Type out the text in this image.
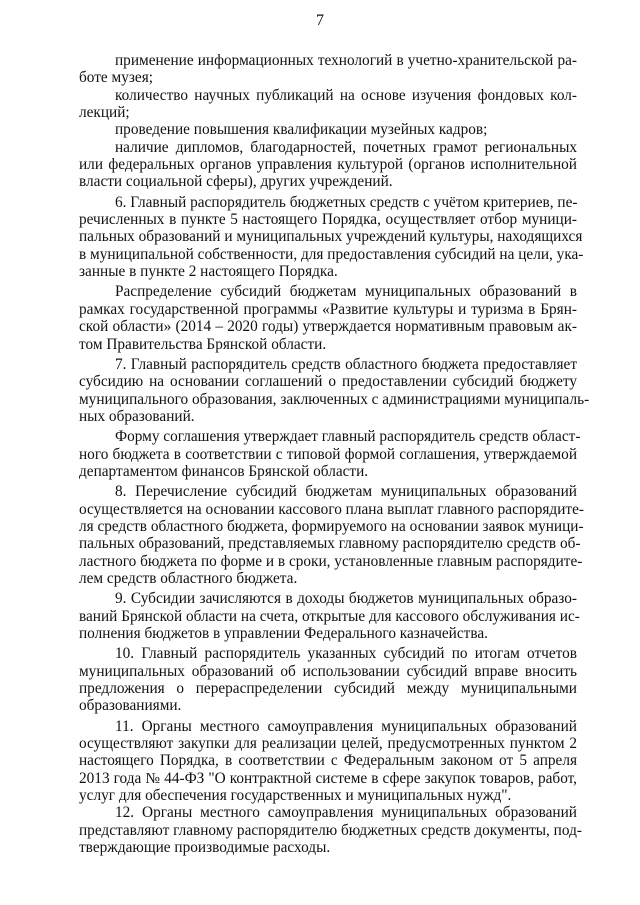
7
применение информационных технологий в учетно-хранительской ра-
боте музея;
количество научных публикаций на основе изучения фондовых кол-
лекций;
проведение повышения квалификации музейных кадров;
наличие дипломов, благодарностей, почетных грамот региональных
или федеральных органов управления культурой (органов исполнительной
власти социальной сферы), других учреждений.
6. Главный распорядитель бюджетных средств с учётом критериев, пе-
речисленных в пункте 5 настоящего Порядка, осуществляет отбор муници-
пальных образований и муниципальных учреждений культуры, находящихся
в муниципальной собственности, для предоставления субсидий на цели, ука-
занные в пункте 2 настоящего Порядка.
Распределение субсидий бюджетам муниципальных образований в
рамках государственной программы «Развитие культуры и туризма в Брян-
ской области» (2014 – 2020 годы) утверждается нормативным правовым ак-
том Правительства Брянской области.
7. Главный распорядитель средств областного бюджета предоставляет
субсидию на основании соглашений о предоставлении субсидий бюджету
муниципального образования, заключенных с администрациями муниципаль-
ных образований.
Форму соглашения утверждает главный распорядитель средств област-
ного бюджета в соответствии с типовой формой соглашения, утверждаемой
департаментом финансов Брянской области.
8. Перечисление субсидий бюджетам муниципальных образований
осуществляется на основании кассового плана выплат главного распорядите-
ля средств областного бюджета, формируемого на основании заявок муници-
пальных образований, представляемых главному распорядителю средств об-
ластного бюджета по форме и в сроки, установленные главным распорядите-
лем средств областного бюджета.
9. Субсидии зачисляются в доходы бюджетов муниципальных образо-
ваний Брянской области на счета, открытые для кассового обслуживания ис-
полнения бюджетов в управлении Федерального казначейства.
10. Главный распорядитель указанных субсидий по итогам отчетов
муниципальных образований об использовании субсидий вправе вносить
предложения о перераспределении субсидий между муниципальными
образованиями.
11. Органы местного самоуправления муниципальных образований
осуществляют закупки для реализации целей, предусмотренных пунктом 2
настоящего Порядка, в соответствии с Федеральным законом от 5 апреля
2013 года № 44-ФЗ "О контрактной системе в сфере закупок товаров, работ,
услуг для обеспечения государственных и муниципальных нужд".
12. Органы местного самоуправления муниципальных образований
представляют главному распорядителю бюджетных средств документы, под-
тверждающие производимые расходы.
